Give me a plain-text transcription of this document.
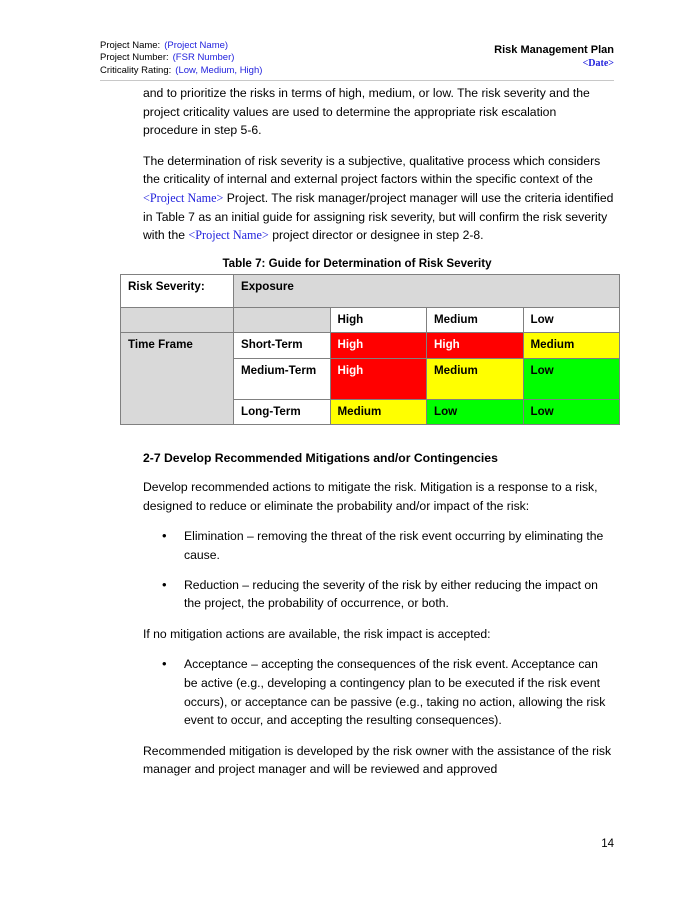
Project Name: (Project Name)
Project Number: (FSR Number)
Criticality Rating: (Low, Medium, High)
Risk Management Plan
<Date>

and to prioritize the risks in terms of high, medium, or low. The risk severity and the project criticality values are used to determine the appropriate risk escalation procedure in step 5-6.

The determination of risk severity is a subjective, qualitative process which considers the criticality of internal and external project factors within the specific context of the <Project Name> Project. The risk manager/project manager will use the criteria identified in Table 7 as an initial guide for assigning risk severity, but will confirm the risk severity with the <Project Name> project director or designee in step 2-8.

Table 7: Guide for Determination of Risk Severity
Risk Severity:	Exposure			
		High	Medium	Low
Time Frame	Short-Term	High	High	Medium
	Medium-Term	High	Medium	Low
	Long-Term	Medium	Low	Low
2-7 Develop Recommended Mitigations and/or Contingencies

Develop recommended actions to mitigate the risk. Mitigation is a response to a risk, designed to reduce or eliminate the probability and/or impact of the risk:

• Elimination – removing the threat of the risk event occurring by eliminating the cause.
• Reduction – reducing the severity of the risk by either reducing the impact on the project, the probability of occurrence, or both.

If no mitigation actions are available, the risk impact is accepted:

• Acceptance – accepting the consequences of the risk event. Acceptance can be active (e.g., developing a contingency plan to be executed if the risk event occurs), or acceptance can be passive (e.g., taking no action, allowing the risk event to occur, and accepting the resulting consequences).

Recommended mitigation is developed by the risk owner with the assistance of the risk manager and project manager and will be reviewed and approved

14
